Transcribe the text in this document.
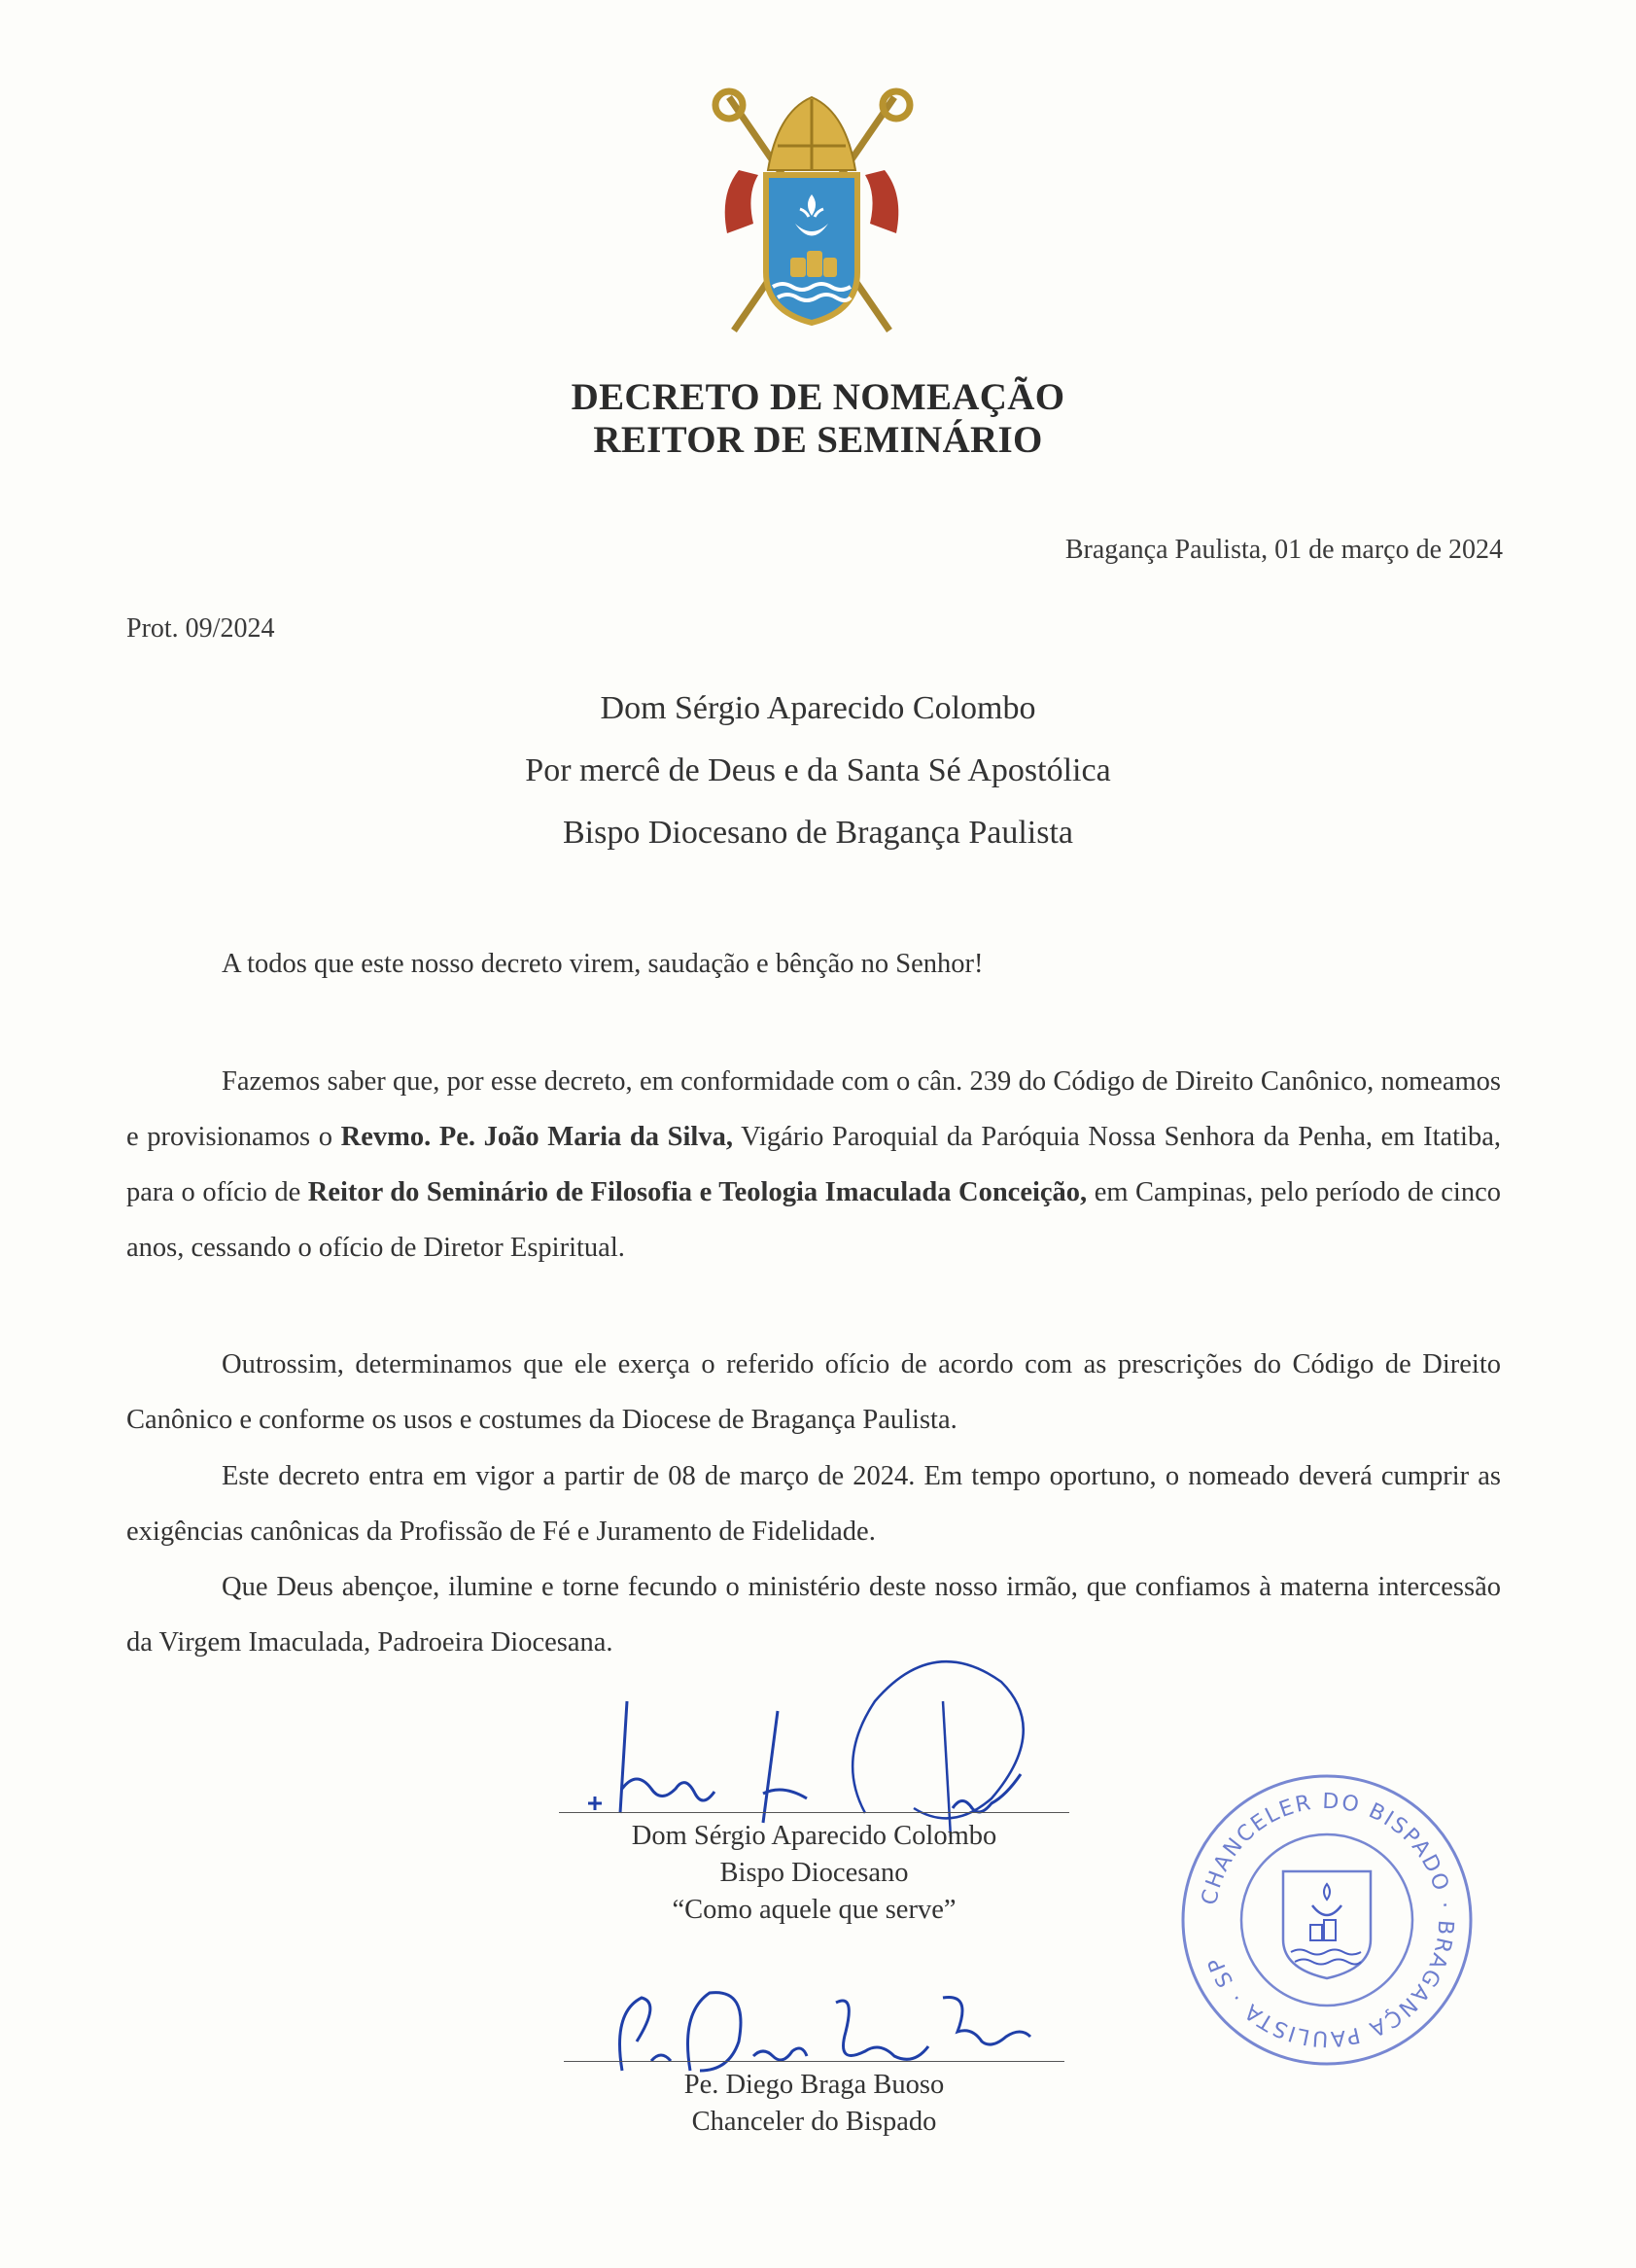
DECRETO DE NOMEAÇÃO
REITOR DE SEMINÁRIO
Bragança Paulista, 01 de março de 2024
Prot. 09/2024
Dom Sérgio Aparecido Colombo
Por mercê de Deus e da Santa Sé Apostólica
Bispo Diocesano de Bragança Paulista
A todos que este nosso decreto virem, saudação e bênção no Senhor!

Fazemos saber que, por esse decreto, em conformidade com o cân. 239 do Código de Direito Canônico, nomeamos e provisionamos o Revmo. Pe. João Maria da Silva, Vigário Paroquial da Paróquia Nossa Senhora da Penha, em Itatiba, para o ofício de Reitor do Seminário de Filosofia e Teologia Imaculada Conceição, em Campinas, pelo período de cinco anos, cessando o ofício de Diretor Espiritual.

Outrossim, determinamos que ele exerça o referido ofício de acordo com as prescrições do Código de Direito Canônico e conforme os usos e costumes da Diocese de Bragança Paulista.

Este decreto entra em vigor a partir de 08 de março de 2024. Em tempo oportuno, o nomeado deverá cumprir as exigências canônicas da Profissão de Fé e Juramento de Fidelidade.

Que Deus abençoe, ilumine e torne fecundo o ministério deste nosso irmão, que confiamos à materna intercessão da Virgem Imaculada, Padroeira Diocesana.

Dom Sérgio Aparecido Colombo
Bispo Diocesano
“Como aquele que serve”
Pe. Diego Braga Buoso
Chanceler do Bispado
CHANCELER DO BISPADO · BRAGANÇA PAULISTA · SP
